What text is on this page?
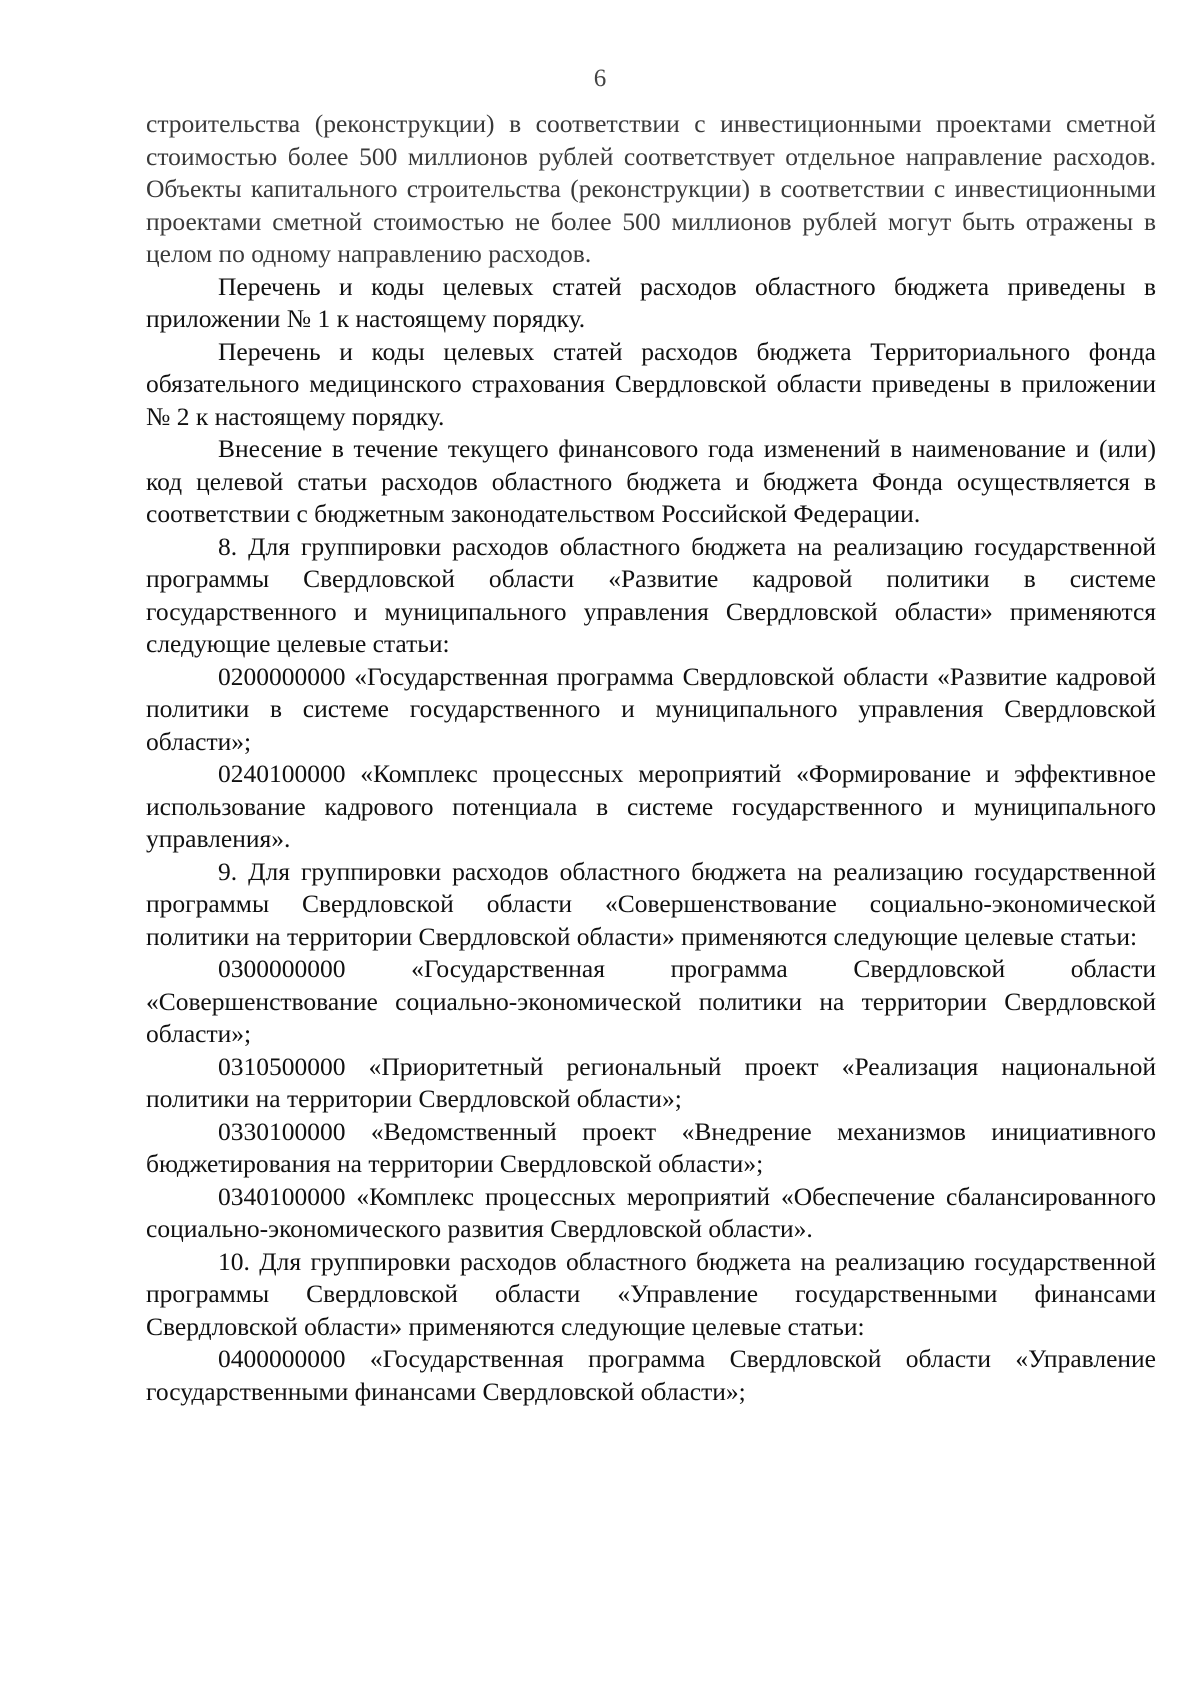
6

строительства (реконструкции) в соответствии с инвестиционными проектами сметной стоимостью более 500 миллионов рублей соответствует отдельное направление расходов. Объекты капитального строительства (реконструкции) в соответствии с инвестиционными проектами сметной стоимостью не более 500 миллионов рублей могут быть отражены в целом по одному направлению расходов.

Перечень и коды целевых статей расходов областного бюджета приведены в приложении № 1 к настоящему порядку.

Перечень и коды целевых статей расходов бюджета Территориального фонда обязательного медицинского страхования Свердловской области приведены в приложении № 2 к настоящему порядку.

Внесение в течение текущего финансового года изменений в наименование и (или) код целевой статьи расходов областного бюджета и бюджета Фонда осуществляется в соответствии с бюджетным законодательством Российской Федерации.

8. Для группировки расходов областного бюджета на реализацию государственной программы Свердловской области «Развитие кадровой политики в системе государственного и муниципального управления Свердловской области» применяются следующие целевые статьи:

0200000000 «Государственная программа Свердловской области «Развитие кадровой политики в системе государственного и муниципального управления Свердловской области»;

0240100000 «Комплекс процессных мероприятий «Формирование и эффективное использование кадрового потенциала в системе государственного и муниципального управления».

9. Для группировки расходов областного бюджета на реализацию государственной программы Свердловской области «Совершенствование социально-экономической политики на территории Свердловской области» применяются следующие целевые статьи:

0300000000 «Государственная программа Свердловской области «Совершенствование социально-экономической политики на территории Свердловской области»;

0310500000 «Приоритетный региональный проект «Реализация национальной политики на территории Свердловской области»;

0330100000 «Ведомственный проект «Внедрение механизмов инициативного бюджетирования на территории Свердловской области»;

0340100000 «Комплекс процессных мероприятий «Обеспечение сбалансированного социально-экономического развития Свердловской области».

10. Для группировки расходов областного бюджета на реализацию государственной программы Свердловской области «Управление государственными финансами Свердловской области» применяются следующие целевые статьи:

0400000000 «Государственная программа Свердловской области «Управление государственными финансами Свердловской области»;
